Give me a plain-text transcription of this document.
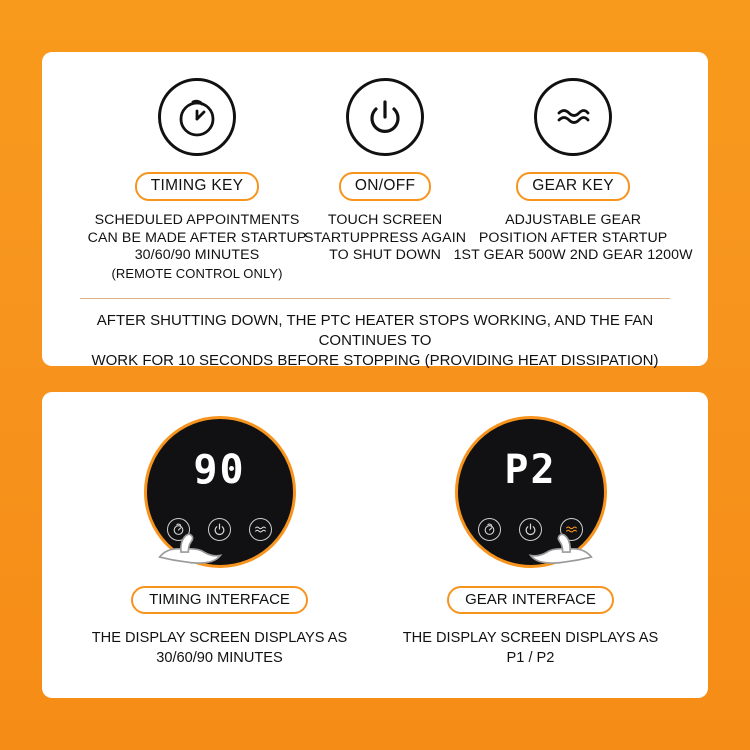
TIMING KEY
SCHEDULED APPOINTMENTS
CAN BE MADE AFTER STARTUP
30/60/90 MINUTES
(REMOTE CONTROL ONLY)
ON/OFF
TOUCH SCREEN
STARTUPPRESS AGAIN
TO SHUT DOWN
GEAR KEY
ADJUSTABLE GEAR
POSITION AFTER STARTUP
1ST GEAR 500W 2ND GEAR 1200W
AFTER SHUTTING DOWN, THE PTC HEATER STOPS WORKING, AND THE FAN CONTINUES TO
WORK FOR 10 SECONDS BEFORE STOPPING (PROVIDING HEAT DISSIPATION)
90
TIMING INTERFACE
THE DISPLAY SCREEN DISPLAYS AS
30/60/90 MINUTES
P2
GEAR INTERFACE
THE DISPLAY SCREEN DISPLAYS AS
P1 / P2
